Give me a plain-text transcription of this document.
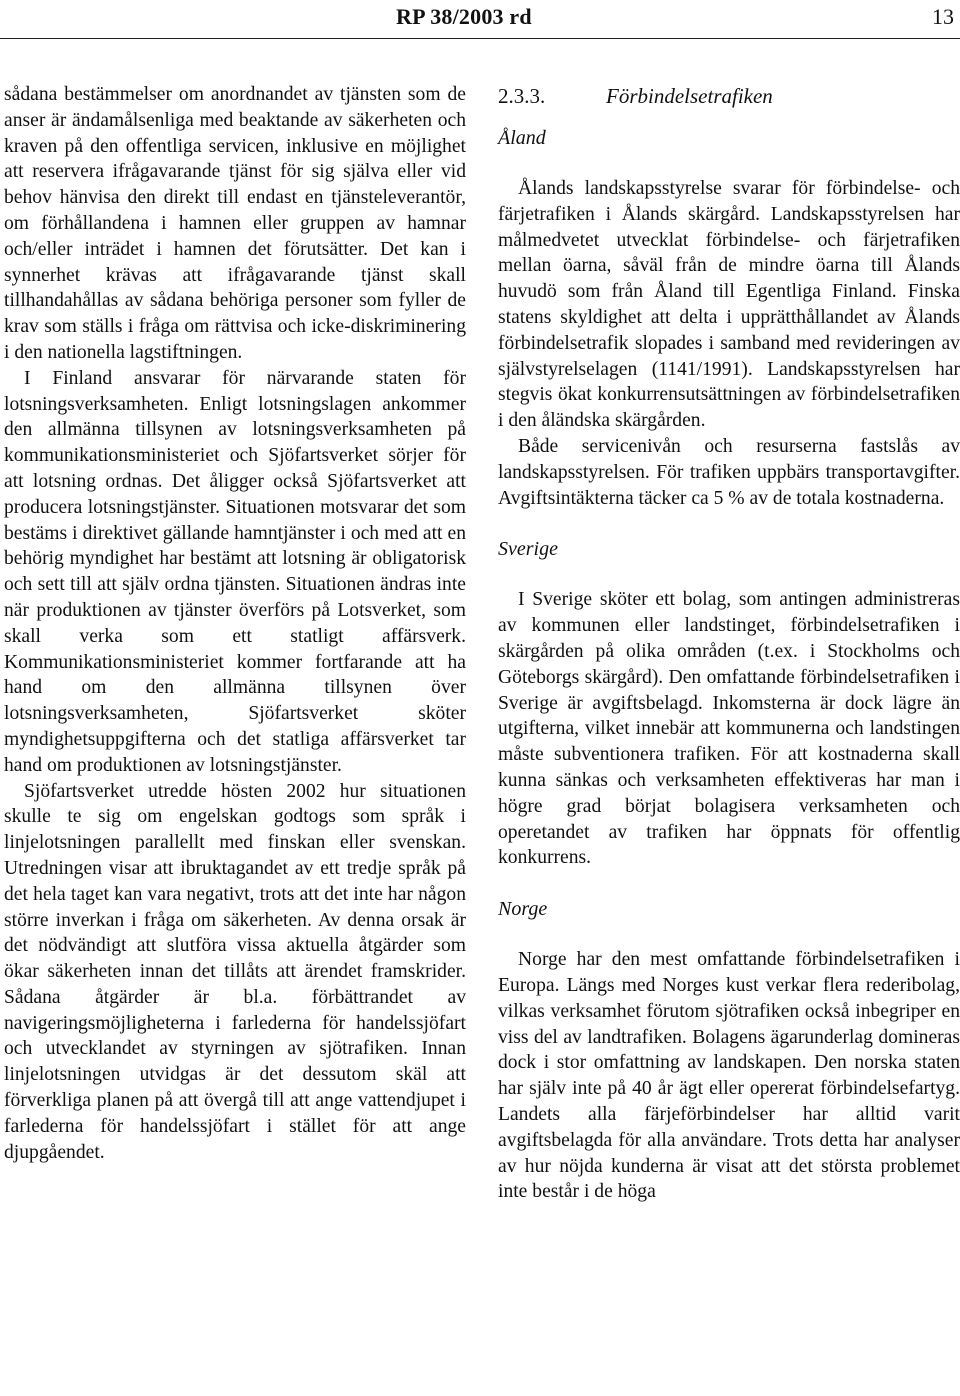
RP 38/2003 rd	13

sådana bestämmelser om anordnandet av tjänsten som de anser är ändamålsenliga med beaktande av säkerheten och kraven på den offentliga servicen, inklusive en möjlighet att reservera ifrågavarande tjänst för sig själva eller vid behov hänvisa den direkt till endast en tjänsteleverantör, om förhållandena i hamnen eller gruppen av hamnar och/eller inträdet i hamnen det förutsätter. Det kan i synnerhet krävas att ifrågavarande tjänst skall tillhandahållas av sådana behöriga personer som fyller de krav som ställs i fråga om rättvisa och icke-diskriminering i den nationella lagstiftningen.

I Finland ansvarar för närvarande staten för lotsningsverksamheten. Enligt lotsningslagen ankommer den allmänna tillsynen av lotsningsverksamheten på kommunikationsministeriet och Sjöfartsverket sörjer för att lotsning ordnas. Det åligger också Sjöfartsverket att producera lotsningstjänster. Situationen motsvarar det som bestäms i direktivet gällande hamntjänster i och med att en behörig myndighet har bestämt att lotsning är obligatorisk och sett till att själv ordna tjänsten. Situationen ändras inte när produktionen av tjänster överförs på Lotsverket, som skall verka som ett statligt affärsverk. Kommunikationsministeriet kommer fortfarande att ha hand om den allmänna tillsynen över lotsningsverksamheten, Sjöfartsverket sköter myndighetsuppgifterna och det statliga affärsverket tar hand om produktionen av lotsningstjänster.

Sjöfartsverket utredde hösten 2002 hur situationen skulle te sig om engelskan godtogs som språk i linjelotsningen parallellt med finskan eller svenskan. Utredningen visar att ibruktagandet av ett tredje språk på det hela taget kan vara negativt, trots att det inte har någon större inverkan i fråga om säkerheten. Av denna orsak är det nödvändigt att slutföra vissa aktuella åtgärder som ökar säkerheten innan det tillåts att ärendet framskrider. Sådana åtgärder är bl.a. förbättrandet av navigeringsmöjligheterna i farlederna för handelssjöfart och utvecklandet av styrningen av sjötrafiken. Innan linjelotsningen utvidgas är det dessutom skäl att förverkliga planen på att övergå till att ange vattendjupet i farlederna för handelssjöfart i stället för att ange djupgåendet.

2.3.3.	Förbindelsetrafiken
Åland

Ålands landskapsstyrelse svarar för förbindelse- och färjetrafiken i Ålands skärgård. Landskapsstyrelsen har målmedvetet utvecklat förbindelse- och färjetrafiken mellan öarna, såväl från de mindre öarna till Ålands huvudö som från Åland till Egentliga Finland. Finska statens skyldighet att delta i upprätthållandet av Ålands förbindelsetrafik slopades i samband med revideringen av självstyrelselagen (1141/1991). Landskapsstyrelsen har stegvis ökat konkurrensutsättningen av förbindelsetrafiken i den åländska skärgården.

Både servicenivån och resurserna fastslås av landskapsstyrelsen. För trafiken uppbärs transportavgifter. Avgiftsintäkterna täcker ca 5 % av de totala kostnaderna.

Sverige

I Sverige sköter ett bolag, som antingen administreras av kommunen eller landstinget, förbindelsetrafiken i skärgården på olika områden (t.ex. i Stockholms och Göteborgs skärgård). Den omfattande förbindelsetrafiken i Sverige är avgiftsbelagd. Inkomsterna är dock lägre än utgifterna, vilket innebär att kommunerna och landstingen måste subventionera trafiken. För att kostnaderna skall kunna sänkas och verksamheten effektiveras har man i högre grad börjat bolagisera verksamheten och operetandet av trafiken har öppnats för offentlig konkurrens.

Norge

Norge har den mest omfattande förbindelsetrafiken i Europa. Längs med Norges kust verkar flera rederibolag, vilkas verksamhet förutom sjötrafiken också inbegriper en viss del av landtrafiken. Bolagens ägarunderlag domineras dock i stor omfattning av landskapen. Den norska staten har själv inte på 40 år ägt eller opererat förbindelsefartyg. Landets alla färjeförbindelser har alltid varit avgiftsbelagda för alla användare. Trots detta har analyser av hur nöjda kunderna är visat att det största problemet inte består i de höga
